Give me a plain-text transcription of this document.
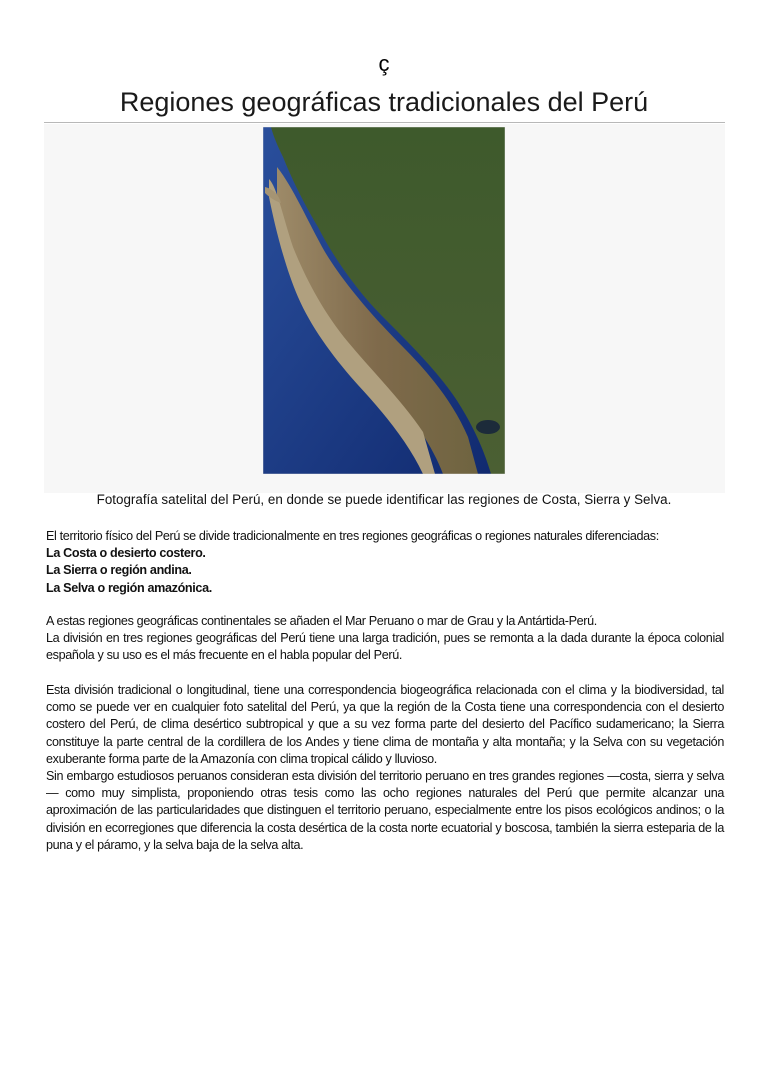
ç
Regiones geográficas tradicionales del Perú
Fotografía satelital del Perú, en donde se puede identificar las regiones de Costa, Sierra y Selva.

El territorio físico del Perú se divide tradicionalmente en tres regiones geográficas o regiones naturales diferenciadas:

La Costa o desierto costero.

La Sierra o región andina.

La Selva o región amazónica.

A estas regiones geográficas continentales se añaden el Mar Peruano o mar de Grau y la Antártida-Perú.

La división en tres regiones geográficas del Perú tiene una larga tradición, pues se remonta a la dada durante la época colonial española y su uso es el más frecuente en el habla popular del Perú.

Esta división tradicional o longitudinal, tiene una correspondencia biogeográfica relacionada con el clima y la biodiversidad, tal como se puede ver en cualquier foto satelital del Perú, ya que la región de la Costa tiene una correspondencia con el desierto costero del Perú, de clima desértico subtropical y que a su vez forma parte del desierto del Pacífico sudamericano; la Sierra constituye la parte central de la cordillera de los Andes y tiene clima de montaña y alta montaña; y la Selva con su vegetación exuberante forma parte de la Amazonía con clima tropical cálido y lluvioso.

Sin embargo estudiosos peruanos consideran esta división del territorio peruano en tres grandes regiones —costa, sierra y selva— como muy simplista, proponiendo otras tesis como las ocho regiones naturales del Perú que permite alcanzar una aproximación de las particularidades que distinguen el territorio peruano, especialmente entre los pisos ecológicos andinos; o la división en ecorregiones que diferencia la costa desértica de la costa norte ecuatorial y boscosa, también la sierra esteparia de la puna y el páramo, y la selva baja de la selva alta.
